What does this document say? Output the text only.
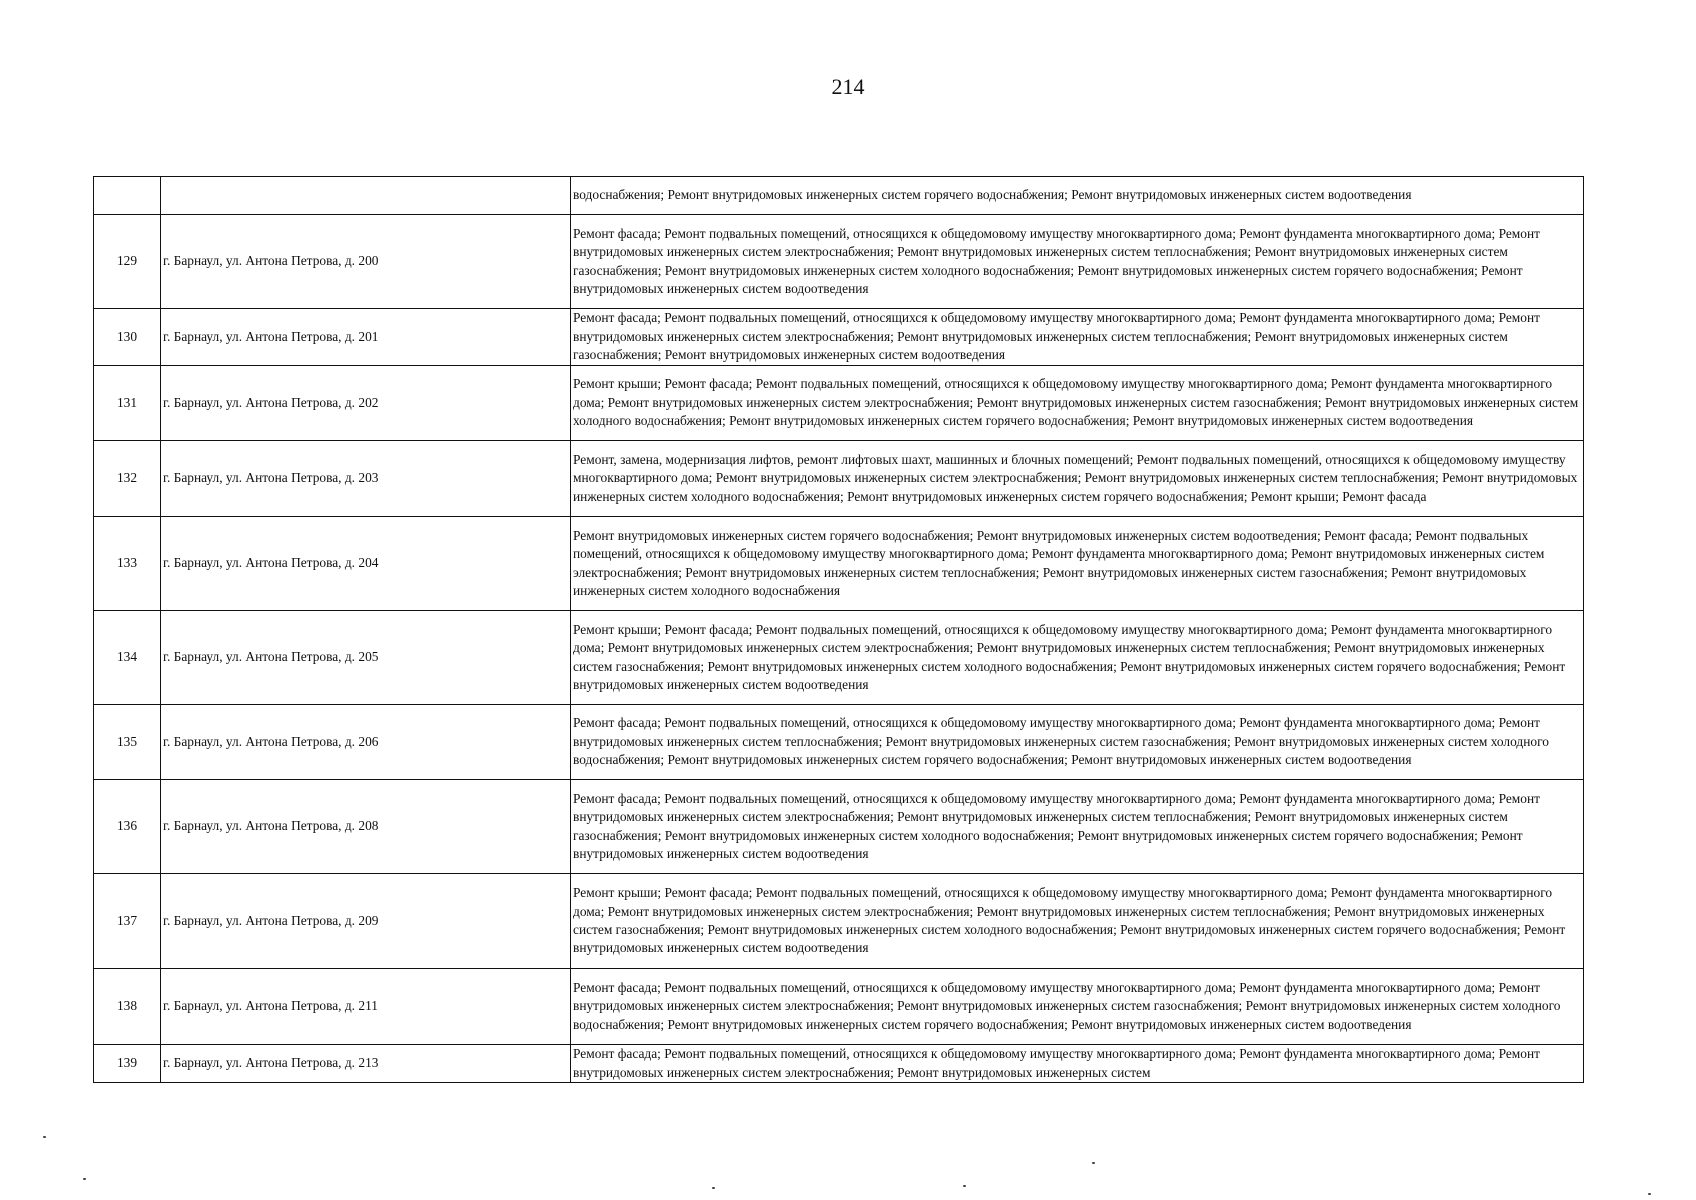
214
		водоснабжения; Ремонт внутридомовых инженерных систем горячего водоснабжения; Ремонт внутридомовых инженерных систем водоотведения
129	г. Барнаул, ул. Антона Петрова, д. 200	Ремонт фасада; Ремонт подвальных помещений, относящихся к общедомовому имуществу многоквартирного дома; Ремонт фундамента многоквартирного дома; Ремонт внутридомовых инженерных систем электроснабжения; Ремонт внутридомовых инженерных систем теплоснабжения; Ремонт внутридомовых инженерных систем газоснабжения; Ремонт внутридомовых инженерных систем холодного водоснабжения; Ремонт внутридомовых инженерных систем горячего водоснабжения; Ремонт внутридомовых инженерных систем водоотведения
130	г. Барнаул, ул. Антона Петрова, д. 201	Ремонт фасада; Ремонт подвальных помещений, относящихся к общедомовому имуществу многоквартирного дома; Ремонт фундамента многоквартирного дома; Ремонт внутридомовых инженерных систем электроснабжения; Ремонт внутридомовых инженерных систем теплоснабжения; Ремонт внутридомовых инженерных систем газоснабжения; Ремонт внутридомовых инженерных систем водоотведения
131	г. Барнаул, ул. Антона Петрова, д. 202	Ремонт крыши; Ремонт фасада; Ремонт подвальных помещений, относящихся к общедомовому имуществу многоквартирного дома; Ремонт фундамента многоквартирного дома; Ремонт внутридомовых инженерных систем электроснабжения; Ремонт внутридомовых инженерных систем газоснабжения; Ремонт внутридомовых инженерных систем холодного водоснабжения; Ремонт внутридомовых инженерных систем горячего водоснабжения; Ремонт внутридомовых инженерных систем водоотведения
132	г. Барнаул, ул. Антона Петрова, д. 203	Ремонт, замена, модернизация лифтов, ремонт лифтовых шахт, машинных и блочных помещений; Ремонт подвальных помещений, относящихся к общедомовому имуществу многоквартирного дома; Ремонт внутридомовых инженерных систем электроснабжения; Ремонт внутридомовых инженерных систем теплоснабжения; Ремонт внутридомовых инженерных систем холодного водоснабжения; Ремонт внутридомовых инженерных систем горячего водоснабжения; Ремонт крыши; Ремонт фасада
133	г. Барнаул, ул. Антона Петрова, д. 204	Ремонт внутридомовых инженерных систем горячего водоснабжения; Ремонт внутридомовых инженерных систем водоотведения; Ремонт фасада; Ремонт подвальных помещений, относящихся к общедомовому имуществу многоквартирного дома; Ремонт фундамента многоквартирного дома; Ремонт внутридомовых инженерных систем электроснабжения; Ремонт внутридомовых инженерных систем теплоснабжения; Ремонт внутридомовых инженерных систем газоснабжения; Ремонт внутридомовых инженерных систем холодного водоснабжения
134	г. Барнаул, ул. Антона Петрова, д. 205	Ремонт крыши; Ремонт фасада; Ремонт подвальных помещений, относящихся к общедомовому имуществу многоквартирного дома; Ремонт фундамента многоквартирного дома; Ремонт внутридомовых инженерных систем электроснабжения; Ремонт внутридомовых инженерных систем теплоснабжения; Ремонт внутридомовых инженерных систем газоснабжения; Ремонт внутридомовых инженерных систем холодного водоснабжения; Ремонт внутридомовых инженерных систем горячего водоснабжения; Ремонт внутридомовых инженерных систем водоотведения
135	г. Барнаул, ул. Антона Петрова, д. 206	Ремонт фасада; Ремонт подвальных помещений, относящихся к общедомовому имуществу многоквартирного дома; Ремонт фундамента многоквартирного дома; Ремонт внутридомовых инженерных систем теплоснабжения; Ремонт внутридомовых инженерных систем газоснабжения; Ремонт внутридомовых инженерных систем холодного водоснабжения; Ремонт внутридомовых инженерных систем горячего водоснабжения; Ремонт внутридомовых инженерных систем водоотведения
136	г. Барнаул, ул. Антона Петрова, д. 208	Ремонт фасада; Ремонт подвальных помещений, относящихся к общедомовому имуществу многоквартирного дома; Ремонт фундамента многоквартирного дома; Ремонт внутридомовых инженерных систем электроснабжения; Ремонт внутридомовых инженерных систем теплоснабжения; Ремонт внутридомовых инженерных систем газоснабжения; Ремонт внутридомовых инженерных систем холодного водоснабжения; Ремонт внутридомовых инженерных систем горячего водоснабжения; Ремонт внутридомовых инженерных систем водоотведения
137	г. Барнаул, ул. Антона Петрова, д. 209	Ремонт крыши; Ремонт фасада; Ремонт подвальных помещений, относящихся к общедомовому имуществу многоквартирного дома; Ремонт фундамента многоквартирного дома; Ремонт внутридомовых инженерных систем электроснабжения; Ремонт внутридомовых инженерных систем теплоснабжения; Ремонт внутридомовых инженерных систем газоснабжения; Ремонт внутридомовых инженерных систем холодного водоснабжения; Ремонт внутридомовых инженерных систем горячего водоснабжения; Ремонт внутридомовых инженерных систем водоотведения
138	г. Барнаул, ул. Антона Петрова, д. 211	Ремонт фасада; Ремонт подвальных помещений, относящихся к общедомовому имуществу многоквартирного дома; Ремонт фундамента многоквартирного дома; Ремонт внутридомовых инженерных систем электроснабжения; Ремонт внутридомовых инженерных систем газоснабжения; Ремонт внутридомовых инженерных систем холодного водоснабжения; Ремонт внутридомовых инженерных систем горячего водоснабжения; Ремонт внутридомовых инженерных систем водоотведения
139	г. Барнаул, ул. Антона Петрова, д. 213	Ремонт фасада; Ремонт подвальных помещений, относящихся к общедомовому имуществу многоквартирного дома; Ремонт фундамента многоквартирного дома; Ремонт внутридомовых инженерных систем электроснабжения; Ремонт внутридомовых инженерных систем
